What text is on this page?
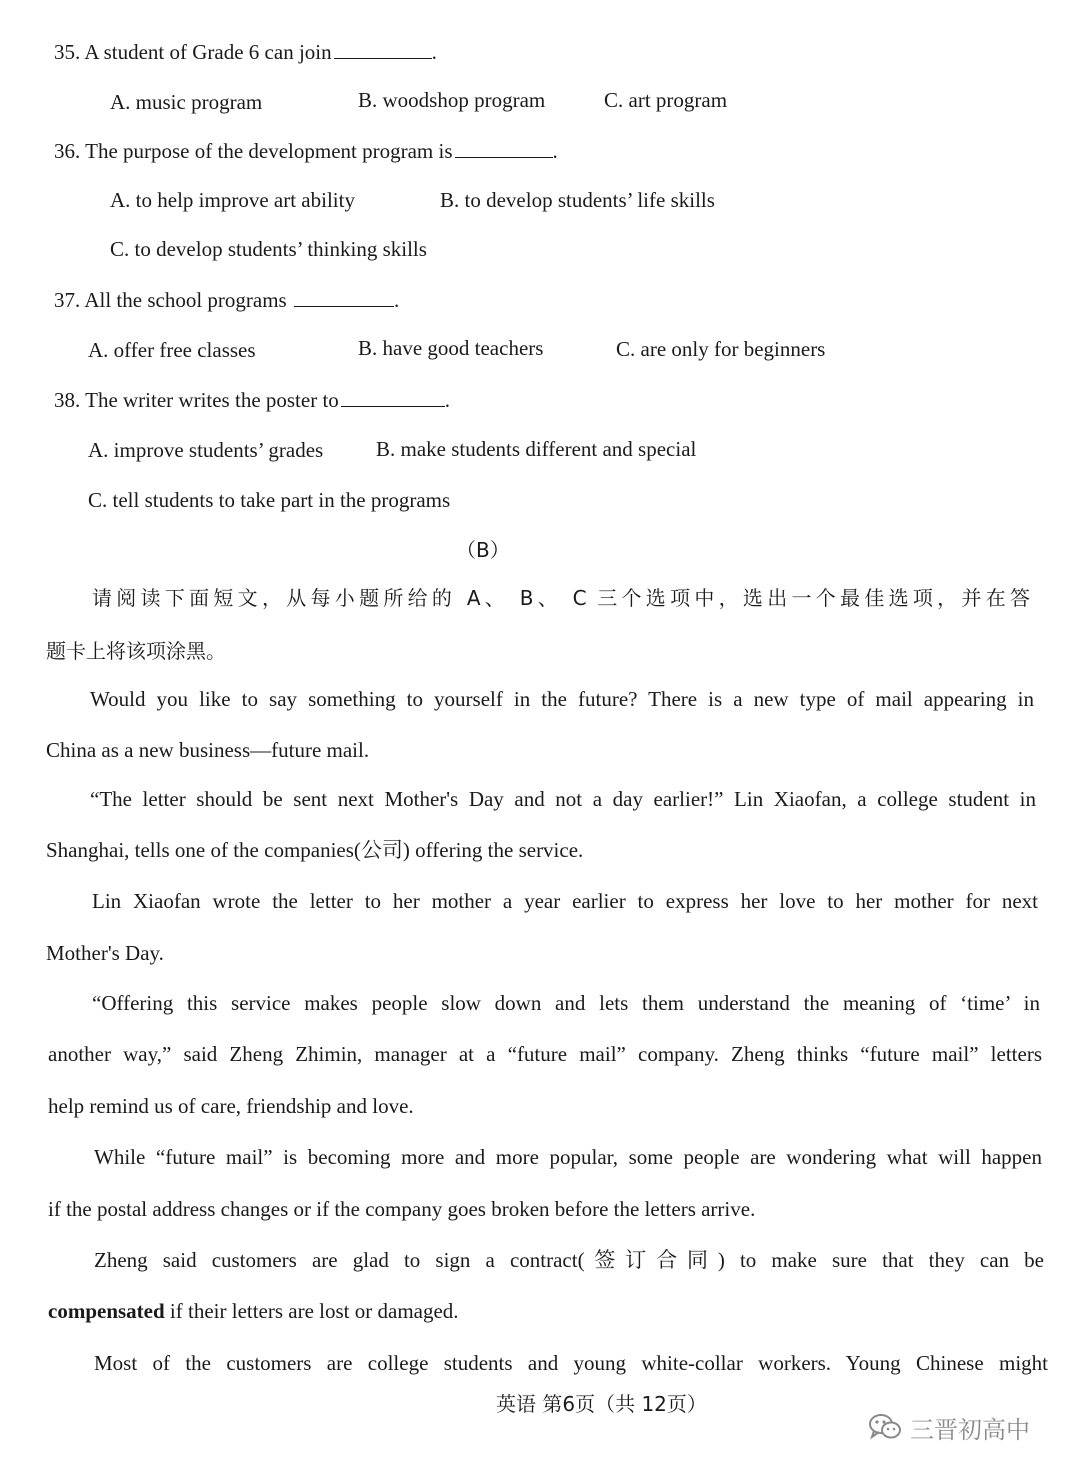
35. A student of Grade 6 can join	.
A. music program	B. woodshop program	C. art program
36. The purpose of the development program is	.
A. to help improve art ability	B. to develop students’ life skills
C. to develop students’ thinking skills
37. All the school programs	.
A. offer free classes	B. have good teachers	C. are only for beginners
38. The writer writes the poster to	.
A. improve students’ grades	B. make students different and special
C. tell students to take part in the programs
（B）
请阅读下面短文，从每小题所给的 A、 B、 C 三个选项中，选出一个最佳选项，并在答
题卡上将该项涂黑。
Would you like to say something to yourself in the future? There is a new type of mail appearing in
China as a new business—future mail.
“The letter should be sent next Mother's Day and not a day earlier!” Lin Xiaofan, a college student in
Shanghai, tells one of the companies(公司) offering the service.
Lin Xiaofan wrote the letter to her mother a year earlier to express her love to her mother for next
Mother's Day.
“Offering this service makes people slow down and lets them understand the meaning of ‘time’ in
another way,” said Zheng Zhimin, manager at a “future mail” company. Zheng thinks “future mail” letters
help remind us of care, friendship and love.
While “future mail” is becoming more and more popular, some people are wondering what will happen
if the postal address changes or if the company goes broken before the letters arrive.
Zheng said customers are glad to sign a contract(签订合同) to make sure that they can be
compensated if their letters are lost or damaged.
Most of the customers are college students and young white-collar workers. Young Chinese might
英语 第6页（共 12页）
三晋初高中
